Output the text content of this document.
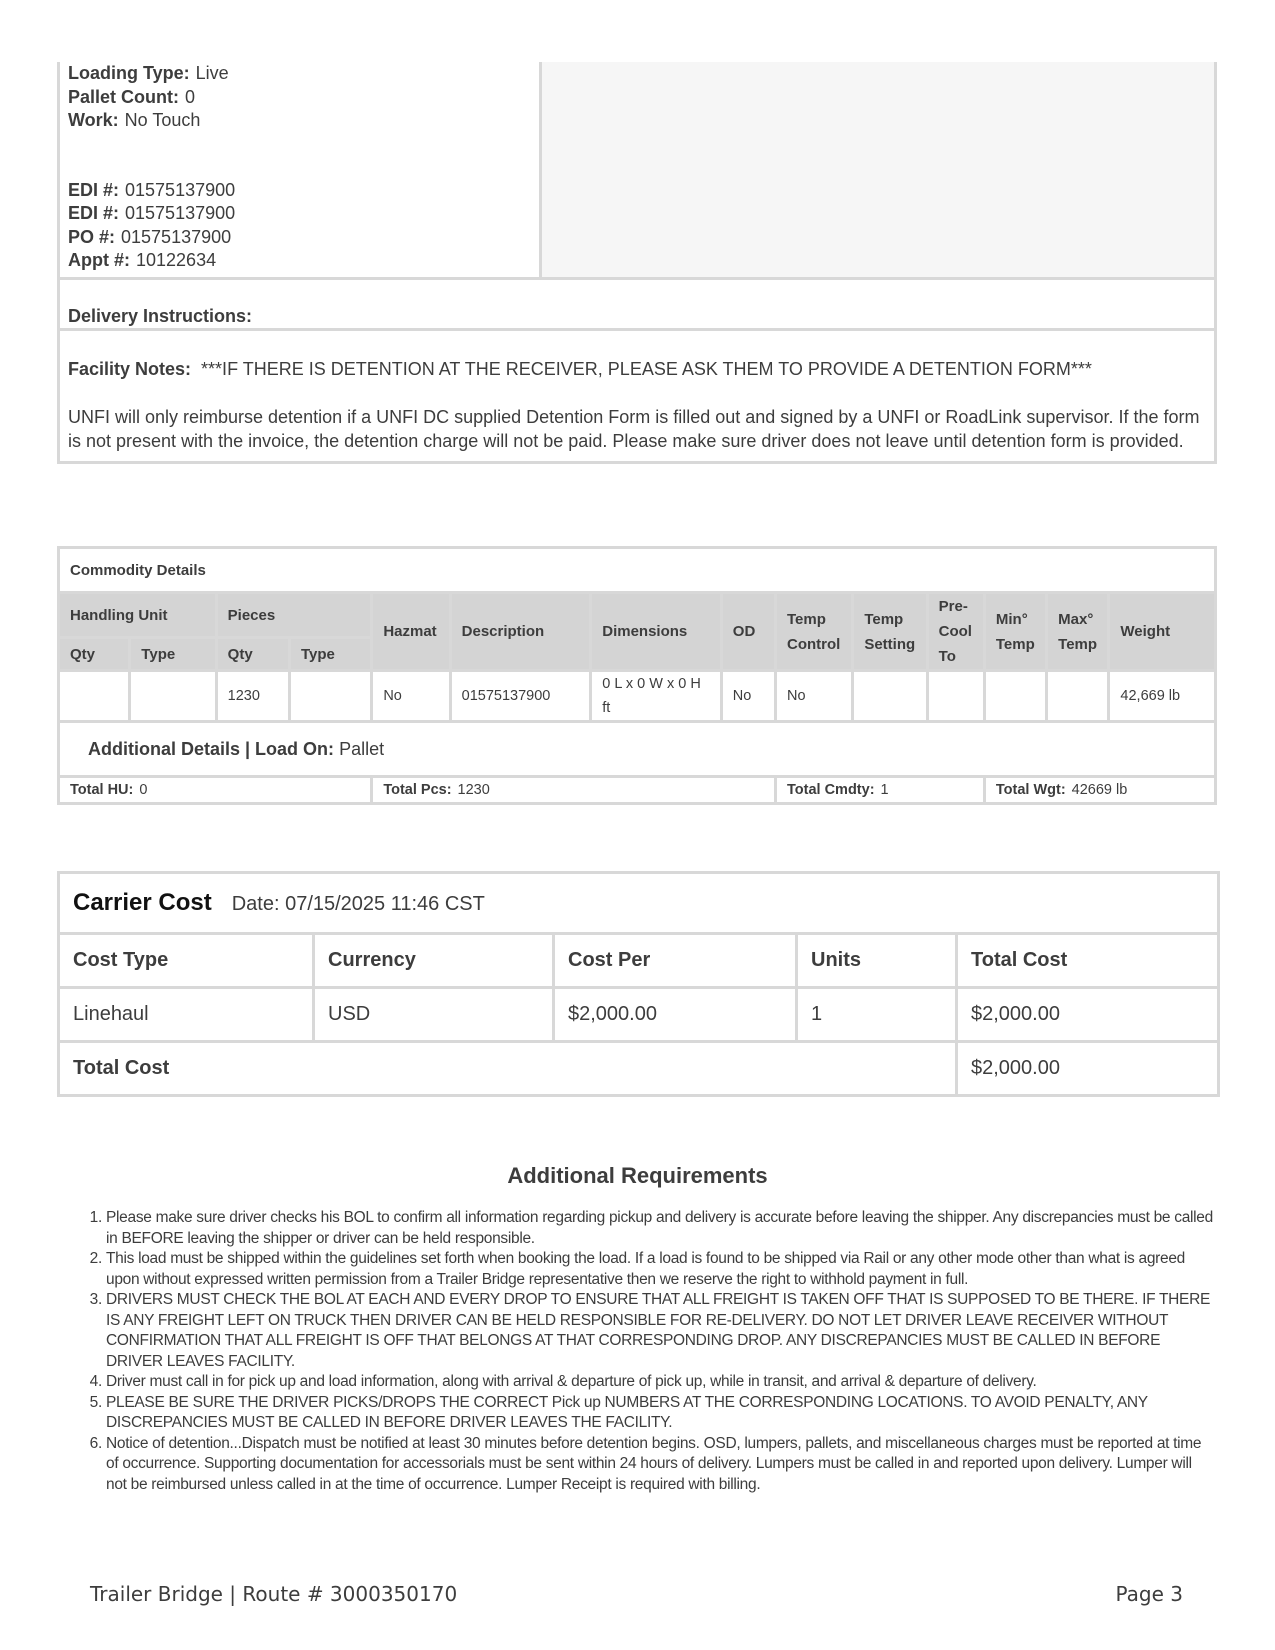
Loading Type: Live
Pallet Count: 0
Work: No Touch
EDI #: 01575137900
EDI #: 01575137900
PO #: 01575137900
Appt #: 10122634
Delivery Instructions:

Facility Notes: ***IF THERE IS DETENTION AT THE RECEIVER, PLEASE ASK THEM TO PROVIDE A DETENTION FORM***

UNFI will only reimburse detention if a UNFI DC supplied Detention Form is filled out and signed by a UNFI or RoadLink supervisor. If the form is not present with the invoice, the detention charge will not be paid. Please make sure driver does not leave until detention form is provided.

Commodity Details													
Handling Unit		Pieces		Hazmat	Description	Dimensions	OD	Temp Control	Temp Setting	Pre-Cool To	Min° Temp	Max° Temp	Weight
Qty	Type	Qty	Type										
		1230		No	01575137900	0 L x 0 W x 0 H ft	No	No					42,669 lb
Additional Details | Load On: Pallet													
Total HU: 0				Total Pcs: 1230				Total Cmdty: 1			Total Wgt: 42669 lb		
Carrier Cost Date: 07/15/2025 11:46 CST				
Cost Type	Currency	Cost Per	Units	Total Cost
Linehaul	USD	$2,000.00	1	$2,000.00
Total Cost				$2,000.00
Additional Requirements
1. Please make sure driver checks his BOL to confirm all information regarding pickup and delivery is accurate before leaving the shipper. Any discrepancies must be called in BEFORE leaving the shipper or driver can be held responsible.
2. This load must be shipped within the guidelines set forth when booking the load. If a load is found to be shipped via Rail or any other mode other than what is agreed upon without expressed written permission from a Trailer Bridge representative then we reserve the right to withhold payment in full.
3. DRIVERS MUST CHECK THE BOL AT EACH AND EVERY DROP TO ENSURE THAT ALL FREIGHT IS TAKEN OFF THAT IS SUPPOSED TO BE THERE. IF THERE IS ANY FREIGHT LEFT ON TRUCK THEN DRIVER CAN BE HELD RESPONSIBLE FOR RE-DELIVERY. DO NOT LET DRIVER LEAVE RECEIVER WITHOUT CONFIRMATION THAT ALL FREIGHT IS OFF THAT BELONGS AT THAT CORRESPONDING DROP. ANY DISCREPANCIES MUST BE CALLED IN BEFORE DRIVER LEAVES FACILITY.
4. Driver must call in for pick up and load information, along with arrival & departure of pick up, while in transit, and arrival & departure of delivery.
5. PLEASE BE SURE THE DRIVER PICKS/DROPS THE CORRECT Pick up NUMBERS AT THE CORRESPONDING LOCATIONS. TO AVOID PENALTY, ANY DISCREPANCIES MUST BE CALLED IN BEFORE DRIVER LEAVES THE FACILITY.
6. Notice of detention...Dispatch must be notified at least 30 minutes before detention begins. OSD, lumpers, pallets, and miscellaneous charges must be reported at time of occurrence. Supporting documentation for accessorials must be sent within 24 hours of delivery. Lumpers must be called in and reported upon delivery. Lumper will not be reimbursed unless called in at the time of occurrence. Lumper Receipt is required with billing.
Trailer Bridge | Route # 3000350170	Page 3
